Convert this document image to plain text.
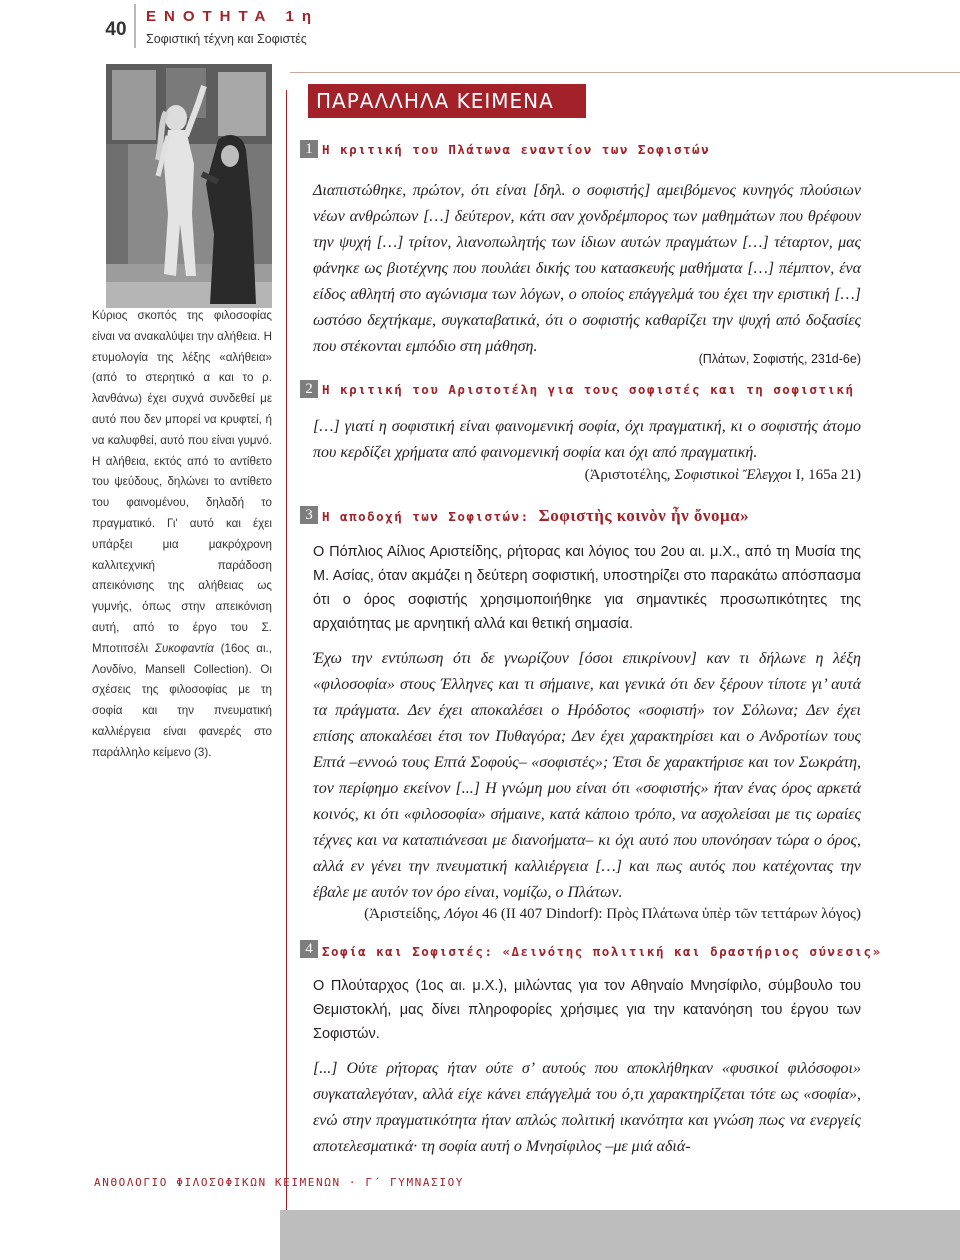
40
ΕΝΟΤΗΤΑ 1η
Σοφιστική τέχνη και Σοφιστές

Κύριος σκοπός της φιλοσοφίας είναι να ανακαλύψει την αλήθεια. Η ετυμολογία της λέξης «αλήθεια» (από το στερητικό α και το ρ. λανθάνω) έχει συχνά συνδεθεί με αυτό που δεν μπορεί να κρυφτεί, ή να καλυφθεί, αυτό που είναι γυμνό. Η αλήθεια, εκτός από το αντίθετο του ψεύδους, δηλώνει το αντίθετο του φαινομένου, δηλαδή το πραγματικό. Γι' αυτό και έχει υπάρξει μια μακρόχρονη καλλιτεχνική παράδοση απεικόνισης της αλήθειας ως γυμνής, όπως στην απεικόνιση αυτή, από το έργο του Σ. Μποτιτσέλι Συκοφαντία (16ος αι., Λονδίνο, Mansell Collection). Οι σχέσεις της φιλοσοφίας με τη σοφία και την πνευματική καλλιέργεια είναι φανερές στο παράλληλο κείμενο (3).

ΑΝΘΟΛΟΓΙΟ ΦΙΛΟΣΟΦΙΚΩΝ ΚΕΙΜΕΝΩΝ · Γ΄ ΓΥΜΝΑΣΙΟΥ
ΠΑΡΑΛΛΗΛΑ ΚΕΙΜΕΝΑ
1 Η κριτική του Πλάτωνα εναντίον των Σοφιστών

Διαπιστώθηκε, πρώτον, ότι είναι [δηλ. ο σοφιστής] αμειβόμενος κυνηγός πλούσιων νέων ανθρώπων […] δεύτερον, κάτι σαν χονδρέμπορος των μαθημάτων που θρέφουν την ψυχή […] τρίτον, λιανοπωλητής των ίδιων αυτών πραγμάτων […] τέταρτον, μας φάνηκε ως βιοτέχνης που πουλάει δικής του κατασκευής μαθήματα […] πέμπτον, ένα είδος αθλητή στο αγώνισμα των λόγων, ο οποίος επάγγελμά του έχει την εριστική […] ωστόσο δεχτήκαμε, συγκαταβατικά, ότι ο σοφιστής καθαρίζει την ψυχή από δοξασίες που στέκονται εμπόδιο στη μάθηση.

(Πλάτων, Σοφιστής, 231d-6e)

2 Η κριτική του Αριστοτέλη για τους σοφιστές και τη σοφιστική

[…] γιατί η σοφιστική είναι φαινομενική σοφία, όχι πραγματική, κι ο σοφιστής άτομο που κερδίζει χρήματα από φαινομενική σοφία και όχι από πραγματική.

(Ἀριστοτέλης, Σοφιστικοὶ Ἔλεγχοι Ι, 165a 21)

3 Η αποδοχή των Σοφιστών: Σοφιστὴς κοινὸν ἦν ὄνομα»

Ο Πόπλιος Αίλιος Αριστείδης, ρήτορας και λόγιος του 2ου αι. μ.Χ., από τη Μυσία της Μ. Ασίας, όταν ακμάζει η δεύτερη σοφιστική, υποστηρίζει στο παρακάτω απόσπασμα ότι ο όρος σοφιστής χρησιμοποιήθηκε για σημαντικές προσωπικότητες της αρχαιότητας με αρνητική αλλά και θετική σημασία.

Έχω την εντύπωση ότι δε γνωρίζουν [όσοι επικρίνουν] καν τι δήλωνε η λέξη «φιλοσοφία» στους Έλληνες και τι σήμαινε, και γενικά ότι δεν ξέρουν τίποτε γι’ αυτά τα πράγματα. Δεν έχει αποκαλέσει ο Ηρόδοτος «σοφιστή» τον Σόλωνα; Δεν έχει επίσης αποκαλέσει έτσι τον Πυθαγόρα; Δεν έχει χαρακτηρίσει και ο Ανδροτίων τους Επτά –εννοώ τους Επτά Σοφούς– «σοφιστές»; Έτσι δε χαρακτήρισε και τον Σωκράτη, τον περίφημο εκείνον [...] Η γνώμη μου είναι ότι «σοφιστής» ήταν ένας όρος αρκετά κοινός, κι ότι «φιλοσοφία» σήμαινε, κατά κάποιο τρόπο, να ασχολείσαι με τις ωραίες τέχνες και να καταπιάνεσαι με διανοήματα– κι όχι αυτό που υπονόησαν τώρα ο όρος, αλλά εν γένει την πνευματική καλλιέργεια […] και πως αυτός που κατέχοντας την έβαλε με αυτόν τον όρο είναι, νομίζω, ο Πλάτων.

(Ἀριστείδης, Λόγοι 46 (ΙΙ 407 Dindorf): Πρὸς Πλάτωνα ὑπὲρ τῶν τεττάρων λόγος)

4 Σοφία και Σοφιστές: «Δεινότης πολιτική και δραστήριος σύνεσις»

Ο Πλούταρχος (1ος αι. μ.Χ.), μιλώντας για τον Αθηναίο Μνησίφιλο, σύμβουλο του Θεμιστοκλή, μας δίνει πληροφορίες χρήσιμες για την κατανόηση του έργου των Σοφιστών.

[...] Ούτε ρήτορας ήταν ούτε σ’ αυτούς που αποκλήθηκαν «φυσικοί φιλόσοφοι» συγκαταλεγόταν, αλλά είχε κάνει επάγγελμά του ό,τι χαρακτηρίζεται τότε ως «σοφία», ενώ στην πραγματικότητα ήταν απλώς πολιτική ικανότητα και γνώση πως να ενεργείς αποτελεσματικά· τη σοφία αυτή ο Μνησίφιλος –με μιά αδιά-
